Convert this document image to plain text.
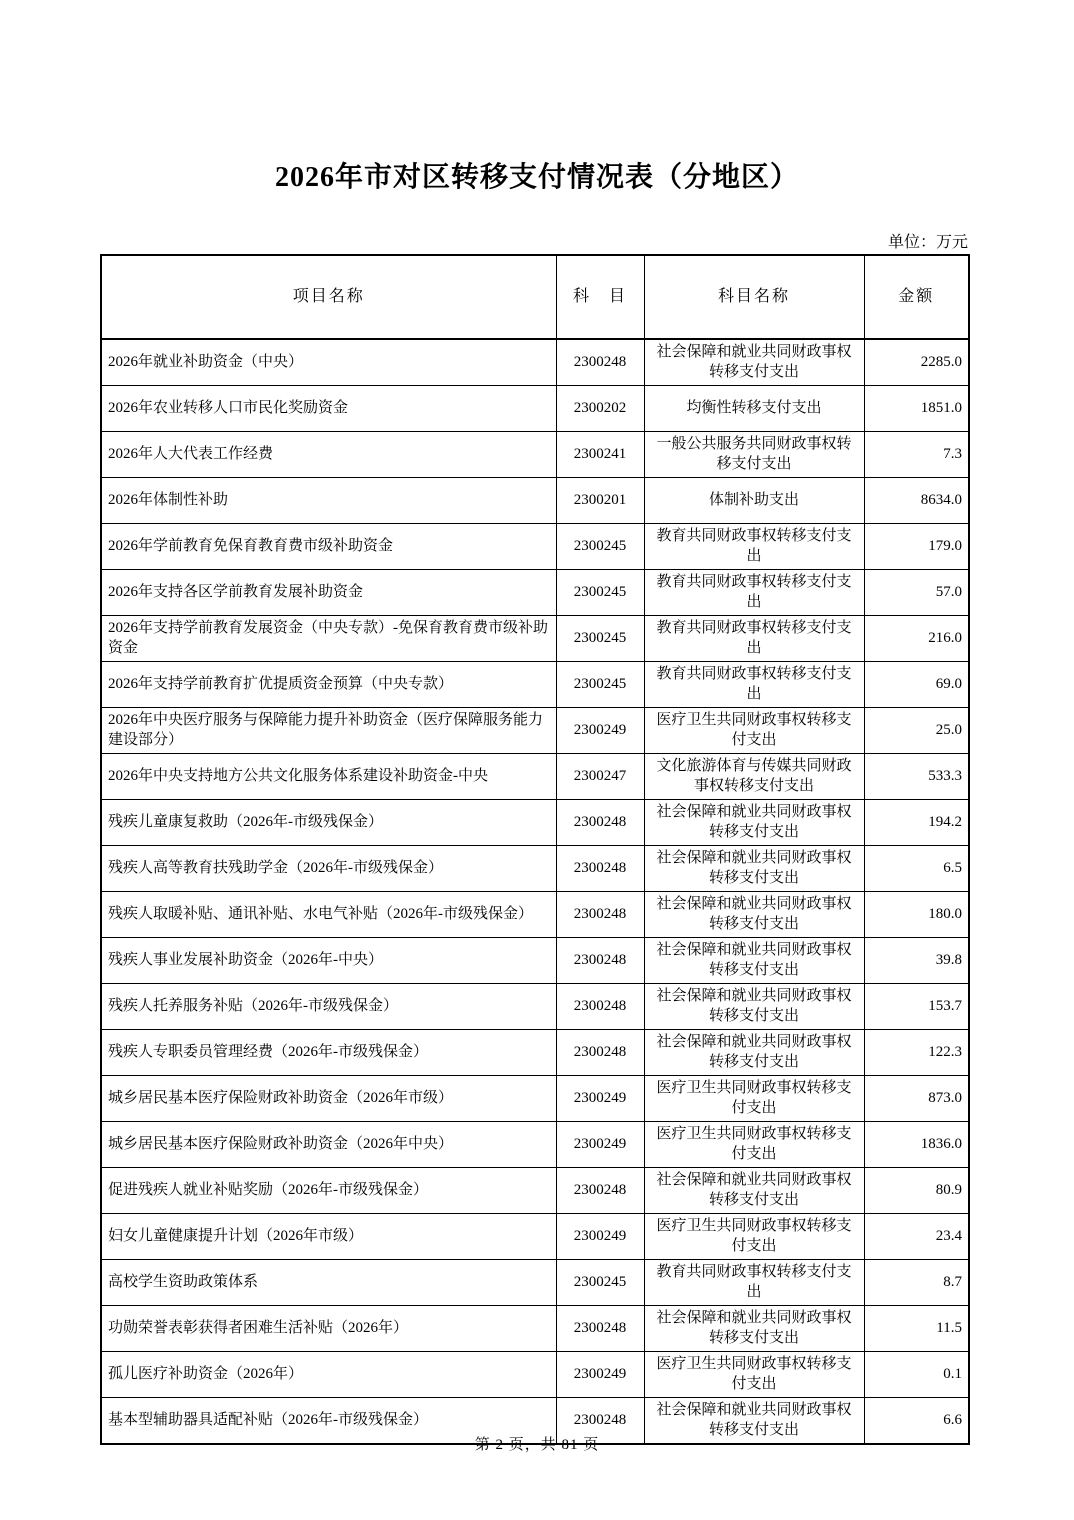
2026年市对区转移支付情况表（分地区）
单位：万元
项目名称	科　目	科目名称	金额
2026年就业补助资金（中央）	2300248	社会保障和就业共同财政事权转移支付支出	2285.0
2026年农业转移人口市民化奖励资金	2300202	均衡性转移支付支出	1851.0
2026年人大代表工作经费	2300241	一般公共服务共同财政事权转移支付支出	7.3
2026年体制性补助	2300201	体制补助支出	8634.0
2026年学前教育免保育教育费市级补助资金	2300245	教育共同财政事权转移支付支出	179.0
2026年支持各区学前教育发展补助资金	2300245	教育共同财政事权转移支付支出	57.0
2026年支持学前教育发展资金（中央专款）-免保育教育费市级补助资金	2300245	教育共同财政事权转移支付支出	216.0
2026年支持学前教育扩优提质资金预算（中央专款）	2300245	教育共同财政事权转移支付支出	69.0
2026年中央医疗服务与保障能力提升补助资金（医疗保障服务能力建设部分）	2300249	医疗卫生共同财政事权转移支付支出	25.0
2026年中央支持地方公共文化服务体系建设补助资金-中央	2300247	文化旅游体育与传媒共同财政事权转移支付支出	533.3
残疾儿童康复救助（2026年-市级残保金）	2300248	社会保障和就业共同财政事权转移支付支出	194.2
残疾人高等教育扶残助学金（2026年-市级残保金）	2300248	社会保障和就业共同财政事权转移支付支出	6.5
残疾人取暖补贴、通讯补贴、水电气补贴（2026年-市级残保金）	2300248	社会保障和就业共同财政事权转移支付支出	180.0
残疾人事业发展补助资金（2026年-中央）	2300248	社会保障和就业共同财政事权转移支付支出	39.8
残疾人托养服务补贴（2026年-市级残保金）	2300248	社会保障和就业共同财政事权转移支付支出	153.7
残疾人专职委员管理经费（2026年-市级残保金）	2300248	社会保障和就业共同财政事权转移支付支出	122.3
城乡居民基本医疗保险财政补助资金（2026年市级）	2300249	医疗卫生共同财政事权转移支付支出	873.0
城乡居民基本医疗保险财政补助资金（2026年中央）	2300249	医疗卫生共同财政事权转移支付支出	1836.0
促进残疾人就业补贴奖励（2026年-市级残保金）	2300248	社会保障和就业共同财政事权转移支付支出	80.9
妇女儿童健康提升计划（2026年市级）	2300249	医疗卫生共同财政事权转移支付支出	23.4
高校学生资助政策体系	2300245	教育共同财政事权转移支付支出	8.7
功勋荣誉表彰获得者困难生活补贴（2026年）	2300248	社会保障和就业共同财政事权转移支付支出	11.5
孤儿医疗补助资金（2026年）	2300249	医疗卫生共同财政事权转移支付支出	0.1
基本型辅助器具适配补贴（2026年-市级残保金）	2300248	社会保障和就业共同财政事权转移支付支出	6.6
第 2 页，共 81 页
